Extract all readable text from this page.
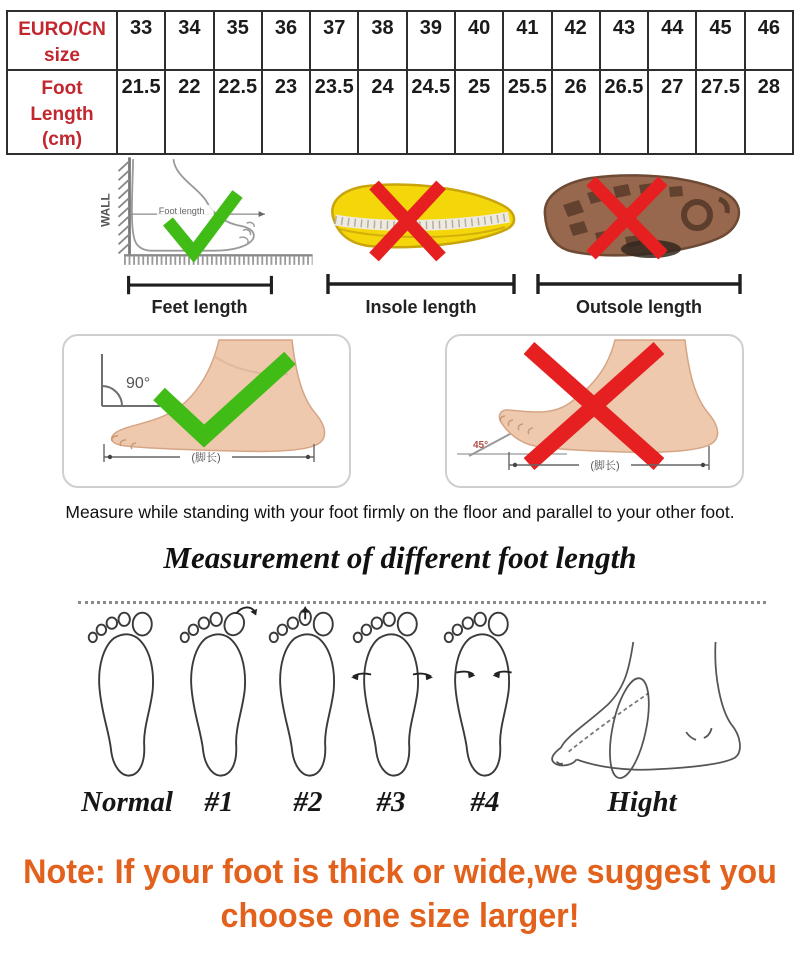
EURO/CN
size	33	34	35	36	37	38	39	40	41	42	43	44	45	46

Foot Length
(cm)	21.5	22	22.5	23	23.5	24	24.5	25	25.5	26	26.5	27	27.5	28
WALL	Foot length
Feet length	Insole length	Outsole length
90°
(脚长)
45°
(脚长)
Measure while standing with your foot firmly on the floor and parallel to your other foot.
Measurement of different foot length
Normal #1 #2 #3 #4	Hight
Note: If your foot is thick or wide,we suggest you
choose one size larger!
